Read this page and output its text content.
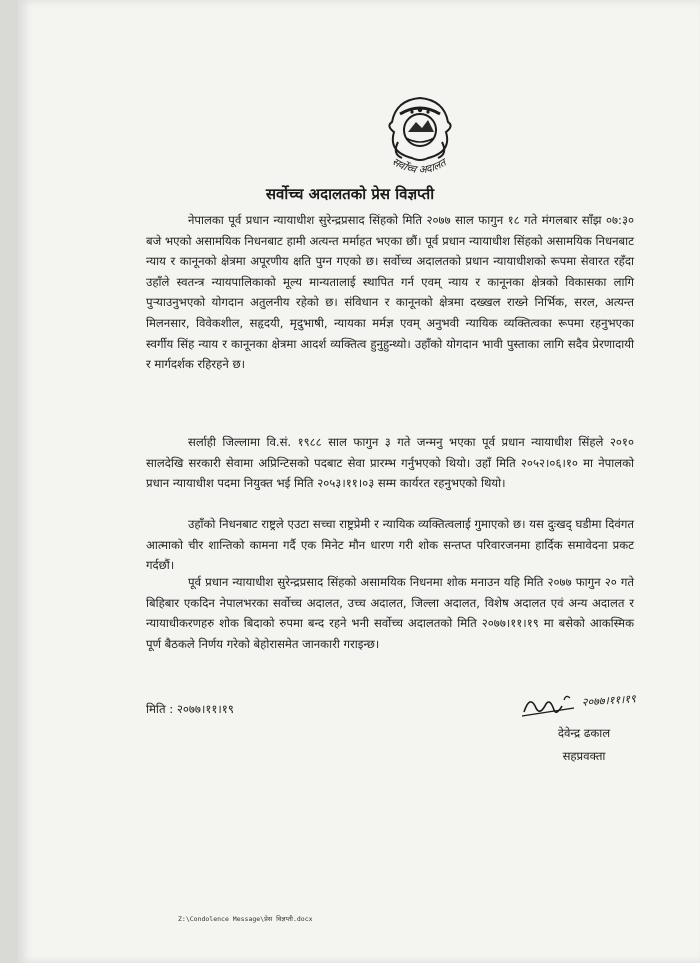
सर्वोच्च अदालत
सर्वोच्च अदालतको प्रेस विज्ञप्ती
नेपालका पूर्व प्रधान न्यायाधीश सुरेन्द्रप्रसाद सिंहको मिति २०७७ साल फागुन १८ गते मंगलबार साँझ ०७:३० बजे भएको असामयिक निधनबाट हामी अत्यन्त मर्माहत भएका छौं। पूर्व प्रधान न्यायाधीश सिंहको असामयिक निधनबाट न्याय र कानूनको क्षेत्रमा अपूरणीय क्षति पुग्न गएको छ। सर्वोच्च अदालतको प्रधान न्यायाधीशको रूपमा सेवारत रहँदा उहाँले स्वतन्त्र न्यायपालिकाको मूल्य मान्यतालाई स्थापित गर्न एवम् न्याय र कानूनका क्षेत्रको विकासका लागि पुऱ्याउनुभएको योगदान अतुलनीय रहेको छ। संविधान र कानूनको क्षेत्रमा दख्खल राख्ने निर्भिक, सरल, अत्यन्त मिलनसार, विवेकशील, सहृदयी, मृदुभाषी, न्यायका मर्मज्ञ एवम् अनुभवी न्यायिक व्यक्तित्वका रूपमा रहनुभएका स्वर्गीय सिंह न्याय र कानूनका क्षेत्रमा आदर्श व्यक्तित्व हुनुहुन्थ्यो। उहाँको योगदान भावी पुस्ताका लागि सदैव प्रेरणादायी र मार्गदर्शक रहिरहने छ।
सर्लाही जिल्लामा वि.सं. १९८८ साल फागुन ३ गते जन्मनु भएका पूर्व प्रधान न्यायाधीश सिंहले २०१० सालदेखि सरकारी सेवामा अप्रिन्टिसको पदबाट सेवा प्रारम्भ गर्नुभएको थियो। उहाँ मिति २०५२।०६।१० मा नेपालको प्रधान न्यायाधीश पदमा नियुक्त भई मिति २०५३।११।०३ सम्म कार्यरत रहनुभएको थियो।
उहाँको निधनबाट राष्ट्रले एउटा सच्चा राष्ट्रप्रेमी र न्यायिक व्यक्तित्वलाई गुमाएको छ। यस दुःखद् घडीमा दिवंगत आत्माको चीर शान्तिको कामना गर्दै एक मिनेट मौन धारण गरी शोक सन्तप्त परिवारजनमा हार्दिक समावेदना प्रकट गर्दछौं।
पूर्व प्रधान न्यायाधीश सुरेन्द्रप्रसाद सिंहको असामयिक निधनमा शोक मनाउन यहि मिति २०७७ फागुन २० गते बिहिबार एकदिन नेपालभरका सर्वोच्च अदालत, उच्च अदालत, जिल्ला अदालत, विशेष अदालत एवं अन्य अदालत र न्यायाधीकरणहरु शोक बिदाको रुपमा बन्द रहने भनी सर्वोच्च अदालतको मिति २०७७।११।१९ मा बसेको आकस्मिक पूर्ण बैठकले निर्णय गरेको बेहोरासमेत जानकारी गराइन्छ।
मिति : २०७७।११।१९
२०७७।११।१९
देवेन्द्र ढकाल
सहप्रवक्ता
Z:\Condolence Message\प्रेस विज्ञप्ती.docx
